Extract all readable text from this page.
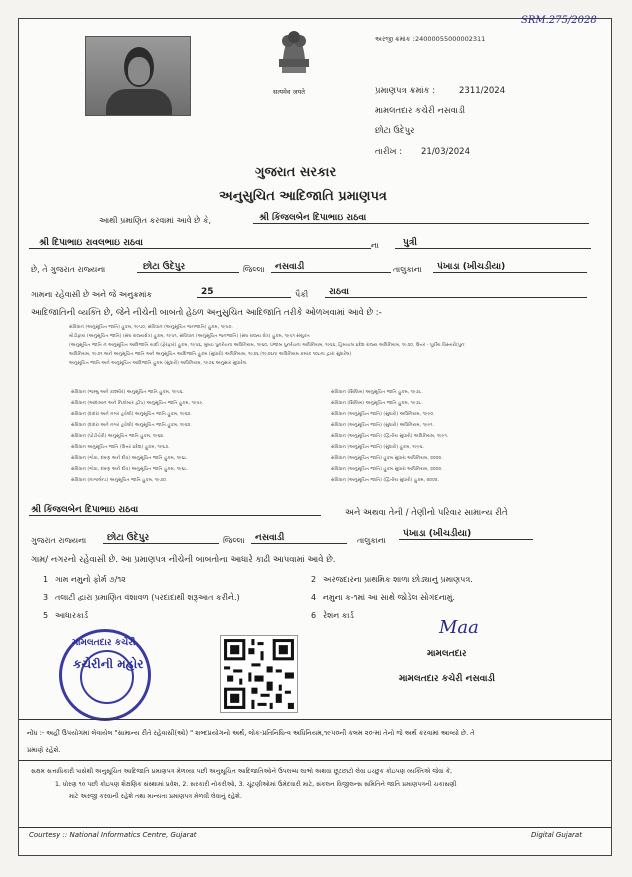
सत्यमेव जयते
SRM.275/2028
અરજી ક્રમાંક : 24000055000002311
પ્રમાણપત્ર ક્રમાંક :	2311/2024
મામલતદાર કચેરી નસવાડી
છોટા ઉદેપુર
તારીખ : 21/03/2024
ગુજરાત સરકાર
અનુસુચિત આદિજાતિ પ્રમાણપત્ર
આથી પ્રમાણિત કરવામાં આવે છે કે,	શ્રી કિંજલબેન દિપાભાઇ રાઠવા
શ્રી દિપાભાઇ રાવલભાઇ રાઠવા	ના	પુત્રી
છે, તે ગુજરાત રાજ્યના	છોટા ઉદેપુર	જિલ્લા	નસવાડી	તાલુકાના	પંખાડા (ખીચડીયા)
ગામના રહેવાસી છે અને જે અનુક્રમાંક	25	પૈકી	રાઠવા
આદિજાતિની વ્યક્તિ છે, જેને નીચેની બાબતો હેઠળ અનુસુચિત આદિજાતિ તરીકે ઓળખવામાં આવે છે :-
સંવિધાન (અનુસૂચિત જાતિ) હુકમ, ૧૯૫૦, સંવિધાન (અનુસૂચિત જનજાતિ) હુકમ, ૧૯૫૦.
મોડીફાય (અનુસૂચિત જાતિ) (સંઘ રાજ્યક્ષેત્ર) હુકમ, ૧૯૫૧, સંવિધાન (અનુસૂચિત જનજાતિ) (સંઘ રાજ્ય ક્ષેત્ર) હુકમ, ૧૯૫૧ સંયુક્ત
(અનુસૂચિત જાતિ ન અનુસૂચિત આદિજાતિ યાદી (ફેરફાર) હુકમ, ૧૯૫૬, મુંબઇ પુનર્રચના અધિનિયમ, ૧૯૬૦, પંજાબ પુનર્રચના અધિનિયમ, ૧૯૬૬, હિમાચલ પ્રદેશ રાજ્ય અધિનિયમ, ૧૯૭૦, ઉત્તર - પૂર્વીય વિસ્તારો(પુનઃ
અધિનિયમ, ૧૯૭૧ અને અનુસૂચિત જાતિ અને અનુસૂચિત આદિજાતિ હુકમ (સુધારો) અધિનિયમ, ૧૯૭૬ (૧૯૭૬ના અધિનિયમ ક્રમાંક ૧૦૮ના દ્વારા સુધારેલ)
અનુસૂચિત જાતિ અને અનુસૂચિત આદિજાતિ હુકમ (સુધારો) અધિનિયમ, ૧૯૭૬ અનુસાર સુધારેલ.
સંવિધાન (જમ્મુ અને કાશ્મીર) અનુસૂચિત જાતિ હુકમ, ૧૯૫૬.
સંવિધાન (આંદામાન અને નિકોબાર દ્વીપ) અનુસૂચિત જાતિ હુકમ, ૧૯૫૯.
સંવિધાન (દાદરા અને નગર હવેલી) અનુસૂચિત જાતિ હુકમ, ૧૯૬૨.
સંવિધાન (દાદરા અને નગર હવેલી) અનુસૂચિત જાતિ હુકમ, ૧૯૬૨.
સંવિધાન (પોંડીચેરી) અનુસૂચિત જાતિ હુકમ, ૧૯૬૪.
સંવિધાન અનુસૂચિત જાતિ (ઉત્તર પ્રદેશ) હુકમ, ૧૯૬૭.
સંવિધાન (ગોવા, દમણ અને દીવ) અનુસૂચિત જાતિ હુકમ, ૧૯૬૮.
સંવિધાન (ગોવા, દમણ અને દીવ) અનુસૂચિત જાતિ હુકમ, ૧૯૬૮.
સંવિધાન (નાગાલેન્ડ) અનુસૂચિત જાતિ હુકમ, ૧૯૭૦.
સંવિધાન (સિક્કિમ) અનુસૂચિત જાતિ હુકમ, ૧૯૭૮.
સંવિધાન (સિક્કિમ) અનુસૂચિત જાતિ હુકમ, ૧૯૭૮.
સંવિધાન (અનુસૂચિત જાતિ) (સુધારો) અધિનિયમ, ૧૯૯૦.
સંવિધાન (અનુસૂચિત જાતિ) (સુધારો) અધિનિયમ, ૧૯૯૧.
સંવિધાન (અનુસૂચિત જાતિ) (દ્વિતીય સુધારો) અધિનિયમ, ૧૯૯૧.
સંવિધાન (અનુસૂચિત જાતિ) (સુધારો) હુકમ, ૧૯૯૬.
સંવિધાન (અનુસૂચિત જાતિ) હુકમ સુધારા અધિનિયમ, ૨૦૦૨.
સંવિધાન (અનુસૂચિત જાતિ) હુકમ સુધારા અધિનિયમ, ૨૦૦૨.
સંવિધાન (અનુસૂચિત જાતિ) (દ્વિતીય સુધારો) હુકમ, ૨૦૦૨.
શ્રી કિંજલબેન દિપાભાઇ રાઠવા	અને અથવા તેની / તેણીનો પરિવાર સામાન્ય રીતે
ગુજરાત રાજ્યના	છોટા ઉદેપુર	જિલ્લા	નસવાડી	તાલુકાના
પંખાડા (ખીચડીયા)
ગામ/ નગરનો રહેવાસી છે. આ પ્રમાણપત્ર નીચેની બાબતોના આધારે કાઢી આપવામાં આવે છે.
1 ગામ નમુનો ફોર્મ ૭/૧૨	2 અરજદારના પ્રાથમિક શાળા છોડ્યાનું પ્રમાણપત્ર.
3 તલાટી દ્વારા પ્રમાણિત વંશાવળ (પરદાદાથી શરૂઆત કરીને.)	4 નમુના ક-૧માં આ સાથે જોડેલ સોગંદનામું.
5 આધારકાર્ડ	6 રેશન કાર્ડ
મામલતદાર કચેરી
કચેરીની મહોર
Maa
મામલતદાર
મામલતદાર કચેરી નસવાડી
નોંધ :- અહીં ઉપયોગમાં લેવાયેલ "સામાન્ય રીતે રહેવાસી(ઓ) " શબ્દપ્રયોગનો અર્થ, લોક-પ્રતિનિધિત્વ અધિનિયમ,૧૯૫૦ની કલમ ૨૦-માં તેનો જે અર્થ કરવામાં આવ્યો છે. તે
પ્રમાણે રહેશે.
સક્ષમ સત્તાધિકારી પાસેથી અનુસૂચિત આદિજાતિ પ્રમાણપત્ર મેળવ્યા પછી અનુસૂચિત આદિજાતિઓને ઉપલબ્ધ લાભો અથવા છૂટછાટો લેવા ઇચ્છુક કોઇપણ વ્યક્તિએ જેવા કે,
1. ધોરણ ૧૦ પછી કોઇપણ શૈક્ષણિક સંસ્થામાં પ્રવેશ, 2. સરકારી નોકરીઓ, 3. ચૂંટણીઓમાં ઉમેદવારી માટે, સંકલન વિજીલન્સ સમિતિને જાતિ પ્રમાણપત્રની ચકાસણી
માટે અરજી કરવાની રહેશે તથા માન્યતા પ્રમાણપત્ર મેળવી લેવાનું રહેશે.
Courtesy :: National Informatics Centre, Gujarat	Digital Gujarat
